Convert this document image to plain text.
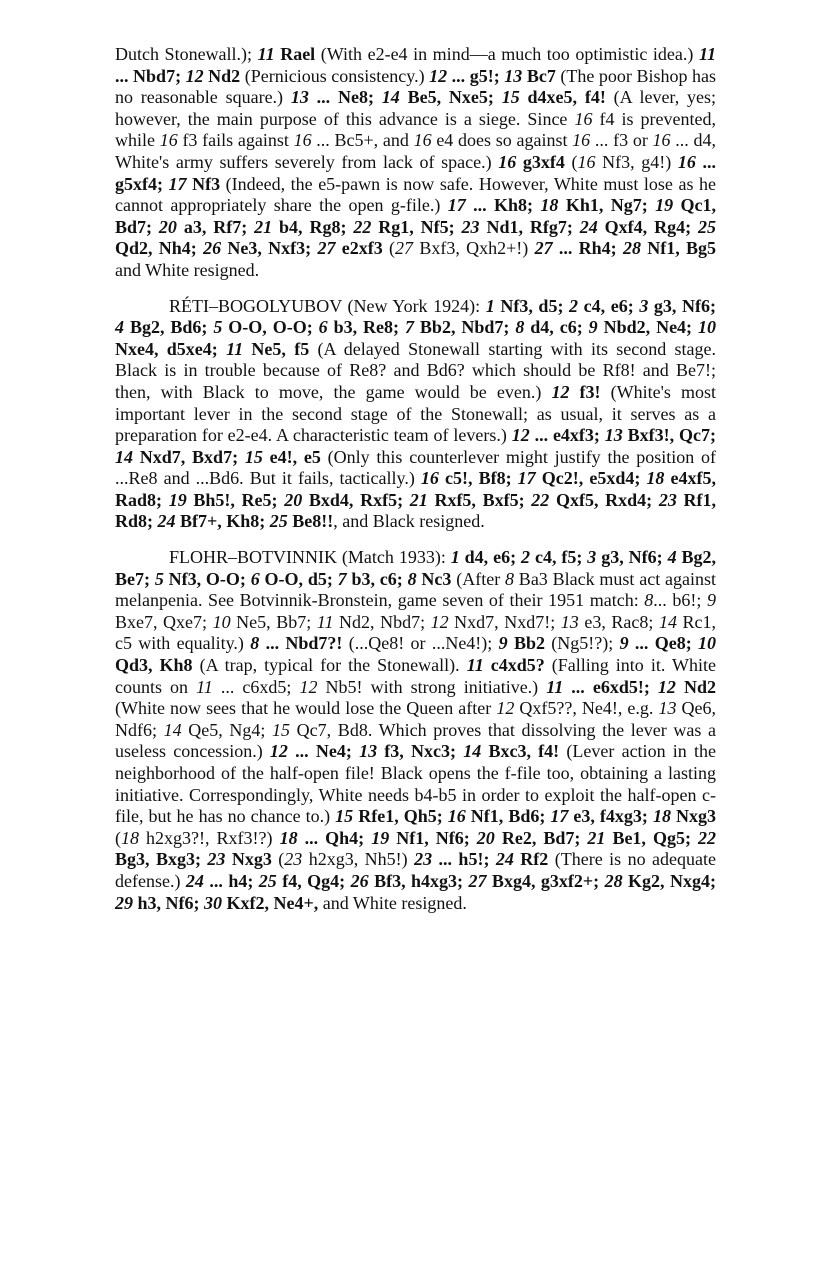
Dutch Stonewall.); 11 Rael (With e2-e4 in mind—a much too optimistic idea.) 11 ... Nbd7; 12 Nd2 (Pernicious consistency.) 12 ... g5!; 13 Bc7 (The poor Bishop has no reasonable square.) 13 ... Ne8; 14 Be5, Nxe5; 15 d4xe5, f4! (A lever, yes; however, the main purpose of this advance is a siege. Since 16 f4 is prevented, while 16 f3 fails against 16 ... Bc5+, and 16 e4 does so against 16 ... f3 or 16 ... d4, White's army suffers severely from lack of space.) 16 g3xf4 (16 Nf3, g4!) 16 ... g5xf4; 17 Nf3 (Indeed, the e5-pawn is now safe. However, White must lose as he cannot appropriately share the open g-file.) 17 ... Kh8; 18 Kh1, Ng7; 19 Qc1, Bd7; 20 a3, Rf7; 21 b4, Rg8; 22 Rg1, Nf5; 23 Nd1, Rfg7; 24 Qxf4, Rg4; 25 Qd2, Nh4; 26 Ne3, Nxf3; 27 e2xf3 (27 Bxf3, Qxh2+!) 27 ... Rh4; 28 Nf1, Bg5 and White resigned.

RÉTI–BOGOLYUBOV (New York 1924): 1 Nf3, d5; 2 c4, e6; 3 g3, Nf6; 4 Bg2, Bd6; 5 O-O, O-O; 6 b3, Re8; 7 Bb2, Nbd7; 8 d4, c6; 9 Nbd2, Ne4; 10 Nxe4, d5xe4; 11 Ne5, f5 (A delayed Stonewall starting with its second stage. Black is in trouble because of Re8? and Bd6? which should be Rf8! and Be7!; then, with Black to move, the game would be even.) 12 f3! (White's most important lever in the second stage of the Stonewall; as usual, it serves as a preparation for e2-e4. A characteristic team of levers.) 12 ... e4xf3; 13 Bxf3!, Qc7; 14 Nxd7, Bxd7; 15 e4!, e5 (Only this counterlever might justify the position of ...Re8 and ...Bd6. But it fails, tactically.) 16 c5!, Bf8; 17 Qc2!, e5xd4; 18 e4xf5, Rad8; 19 Bh5!, Re5; 20 Bxd4, Rxf5; 21 Rxf5, Bxf5; 22 Qxf5, Rxd4; 23 Rf1, Rd8; 24 Bf7+, Kh8; 25 Be8!!, and Black resigned.

FLOHR–BOTVINNIK (Match 1933): 1 d4, e6; 2 c4, f5; 3 g3, Nf6; 4 Bg2, Be7; 5 Nf3, O-O; 6 O-O, d5; 7 b3, c6; 8 Nc3 (After 8 Ba3 Black must act against melanpenia. See Botvinnik-Bronstein, game seven of their 1951 match: 8... b6!; 9 Bxe7, Qxe7; 10 Ne5, Bb7; 11 Nd2, Nbd7; 12 Nxd7, Nxd7!; 13 e3, Rac8; 14 Rc1, c5 with equality.) 8 ... Nbd7?! (...Qe8! or ...Ne4!); 9 Bb2 (Ng5!?); 9 ... Qe8; 10 Qd3, Kh8 (A trap, typical for the Stonewall). 11 c4xd5? (Falling into it. White counts on 11 ... c6xd5; 12 Nb5! with strong initiative.) 11 ... e6xd5!; 12 Nd2 (White now sees that he would lose the Queen after 12 Qxf5??, Ne4!, e.g. 13 Qe6, Ndf6; 14 Qe5, Ng4; 15 Qc7, Bd8. Which proves that dissolving the lever was a useless concession.) 12 ... Ne4; 13 f3, Nxc3; 14 Bxc3, f4! (Lever action in the neighborhood of the half-open file! Black opens the f-file too, obtaining a lasting initiative. Correspondingly, White needs b4-b5 in order to exploit the half-open c-file, but he has no chance to.) 15 Rfe1, Qh5; 16 Nf1, Bd6; 17 e3, f4xg3; 18 Nxg3 (18 h2xg3?!, Rxf3!?) 18 ... Qh4; 19 Nf1, Nf6; 20 Re2, Bd7; 21 Be1, Qg5; 22 Bg3, Bxg3; 23 Nxg3 (23 h2xg3, Nh5!) 23 ... h5!; 24 Rf2 (There is no adequate defense.) 24 ... h4; 25 f4, Qg4; 26 Bf3, h4xg3; 27 Bxg4, g3xf2+; 28 Kg2, Nxg4; 29 h3, Nf6; 30 Kxf2, Ne4+, and White resigned.
